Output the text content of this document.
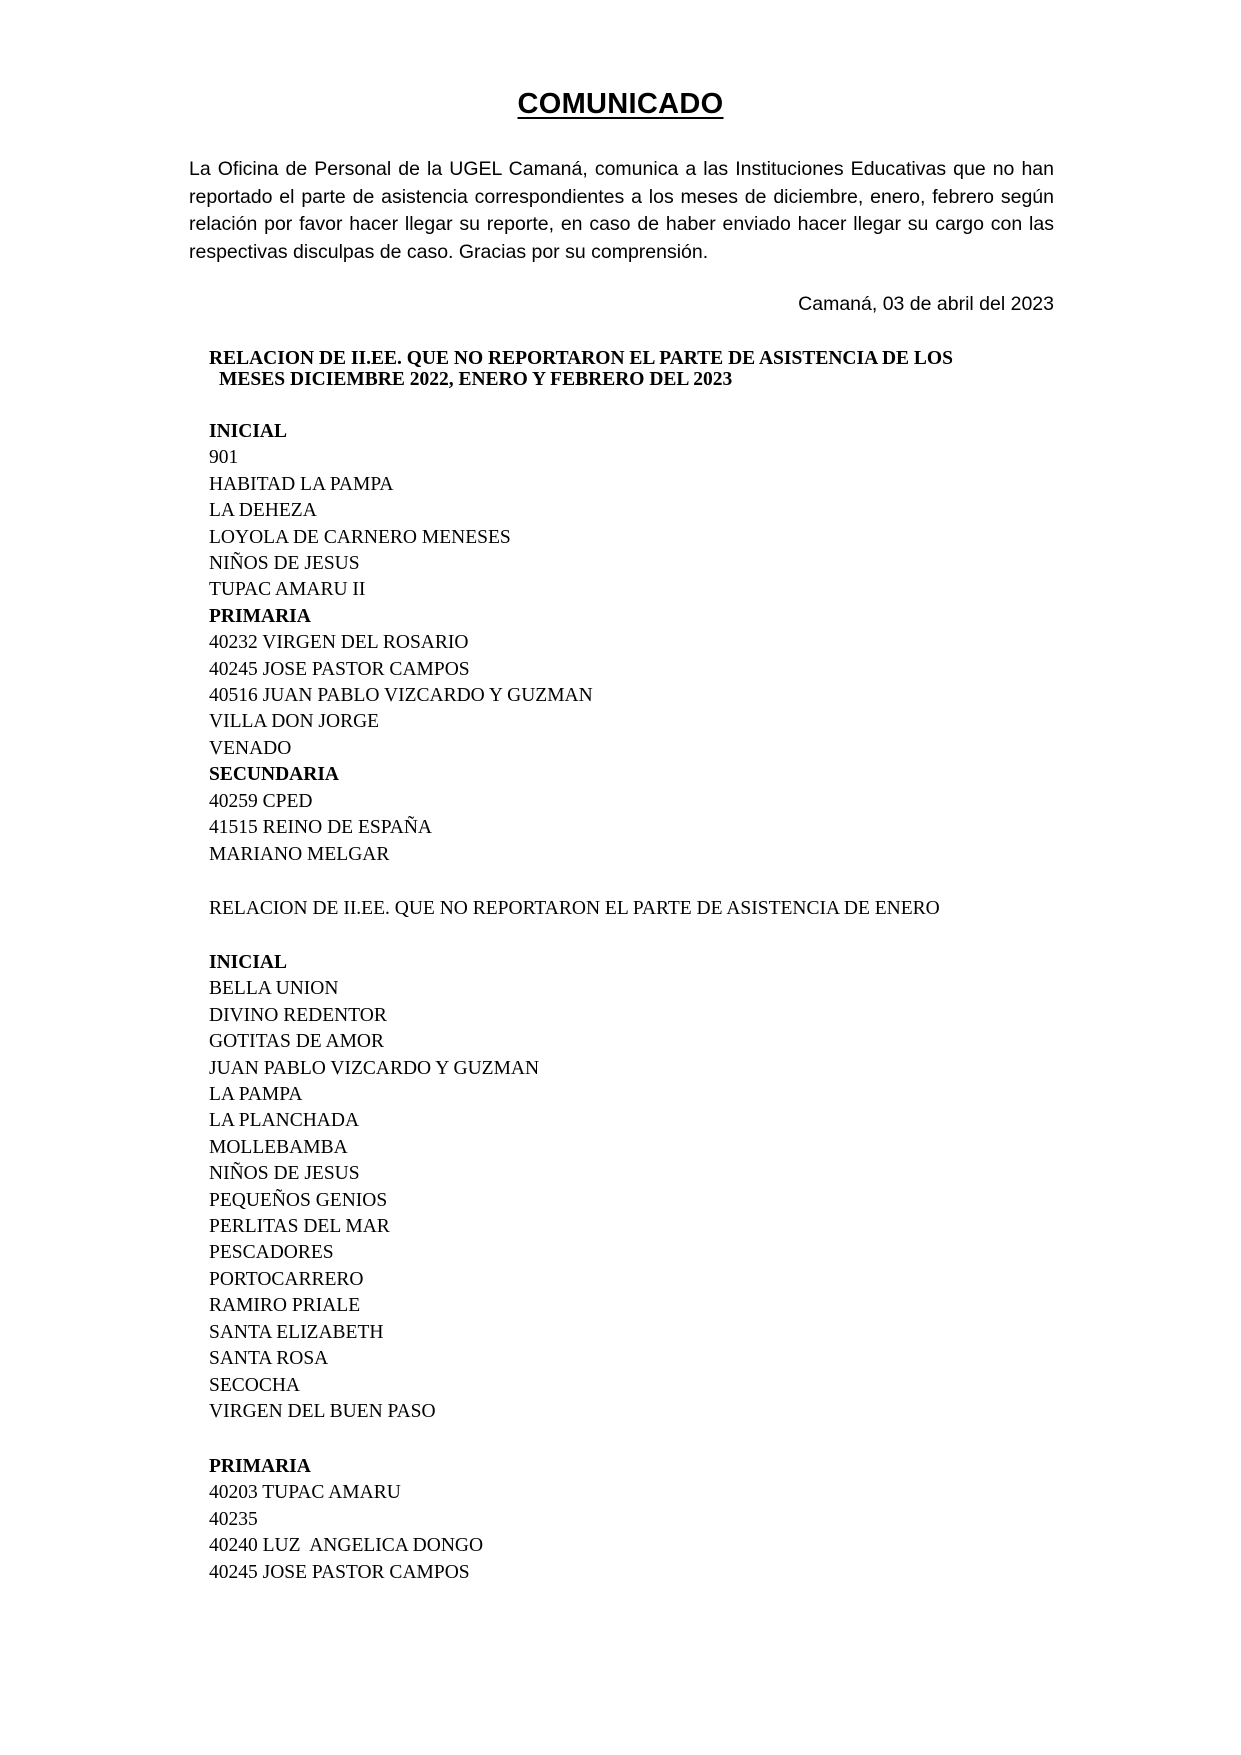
COMUNICADO
La Oficina de Personal de la UGEL Camaná, comunica a las Instituciones Educativas que no han reportado el parte de asistencia correspondientes a los meses de diciembre, enero, febrero según relación por favor hacer llegar su reporte, en caso de haber enviado hacer llegar su cargo con las respectivas disculpas de caso. Gracias por su comprensión.
Camaná, 03 de abril del 2023
RELACION DE II.EE. QUE NO REPORTARON EL PARTE DE ASISTENCIA DE LOS
MESES DICIEMBRE 2022, ENERO Y FEBRERO DEL 2023
INICIAL
901
HABITAD LA PAMPA
LA DEHEZA
LOYOLA DE CARNERO MENESES
NIÑOS DE JESUS
TUPAC AMARU II
PRIMARIA
40232 VIRGEN DEL ROSARIO
40245 JOSE PASTOR CAMPOS
40516 JUAN PABLO VIZCARDO Y GUZMAN
VILLA DON JORGE
VENADO
SECUNDARIA
40259 CPED
41515 REINO DE ESPAÑA
MARIANO MELGAR
RELACION DE II.EE. QUE NO REPORTARON EL PARTE DE ASISTENCIA DE ENERO
INICIAL
BELLA UNION
DIVINO REDENTOR
GOTITAS DE AMOR
JUAN PABLO VIZCARDO Y GUZMAN
LA PAMPA
LA PLANCHADA
MOLLEBAMBA
NIÑOS DE JESUS
PEQUEÑOS GENIOS
PERLITAS DEL MAR
PESCADORES
PORTOCARRERO
RAMIRO PRIALE
SANTA ELIZABETH
SANTA ROSA
SECOCHA
VIRGEN DEL BUEN PASO
PRIMARIA
40203 TUPAC AMARU
40235
40240 LUZ  ANGELICA DONGO
40245 JOSE PASTOR CAMPOS
